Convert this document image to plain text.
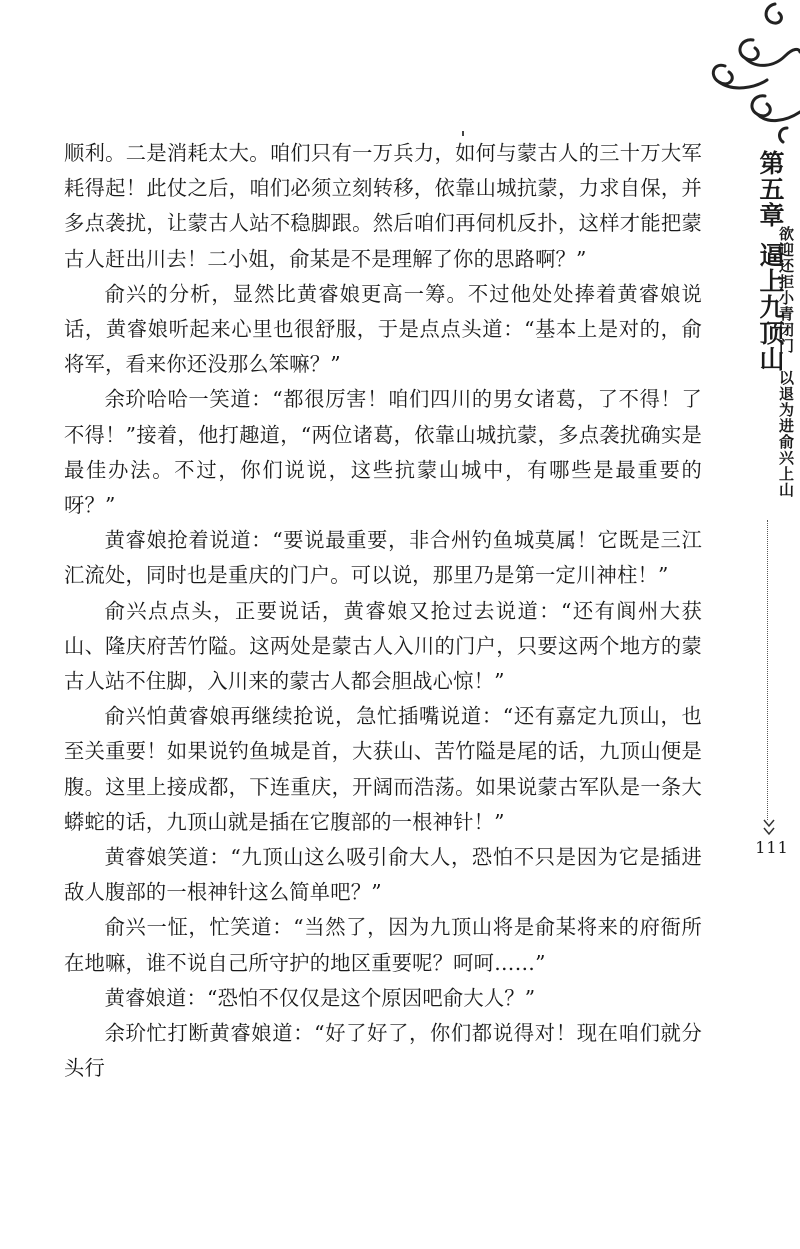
顺利。二是消耗太大。咱们只有一万兵力，如何与蒙古人的三十万大军耗得起！此仗之后，咱们必须立刻转移，依靠山城抗蒙，力求自保，并多点袭扰，让蒙古人站不稳脚跟。然后咱们再伺机反扑，这样才能把蒙古人赶出川去！二小姐，俞某是不是理解了你的思路啊？”

俞兴的分析，显然比黄睿娘更高一筹。不过他处处捧着黄睿娘说话，黄睿娘听起来心里也很舒服，于是点点头道：“基本上是对的，俞将军，看来你还没那么笨嘛？”

余玠哈哈一笑道：“都很厉害！咱们四川的男女诸葛，了不得！了不得！”接着，他打趣道，“两位诸葛，依靠山城抗蒙，多点袭扰确实是最佳办法。不过，你们说说，这些抗蒙山城中，有哪些是最重要的呀？”

黄睿娘抢着说道：“要说最重要，非合州钓鱼城莫属！它既是三江汇流处，同时也是重庆的门户。可以说，那里乃是第一定川神柱！”

俞兴点点头，正要说话，黄睿娘又抢过去说道：“还有阆州大获山、隆庆府苦竹隘。这两处是蒙古人入川的门户，只要这两个地方的蒙古人站不住脚，入川来的蒙古人都会胆战心惊！”

俞兴怕黄睿娘再继续抢说，急忙插嘴说道：“还有嘉定九顶山，也至关重要！如果说钓鱼城是首，大获山、苦竹隘是尾的话，九顶山便是腹。这里上接成都，下连重庆，开阔而浩荡。如果说蒙古军队是一条大蟒蛇的话，九顶山就是插在它腹部的一根神针！”

黄睿娘笑道：“九顶山这么吸引俞大人，恐怕不只是因为它是插进敌人腹部的一根神针这么简单吧？”

俞兴一怔，忙笑道：“当然了，因为九顶山将是俞某将来的府衙所在地嘛，谁不说自己所守护的地区重要呢？呵呵……”

黄睿娘道：“恐怕不仅仅是这个原因吧俞大人？”

余玠忙打断黄睿娘道：“好了好了，你们都说得对！现在咱们就分头行

第五章逼上九顶山
欲迎还拒小青闭门　以退为进俞兴上山
111
